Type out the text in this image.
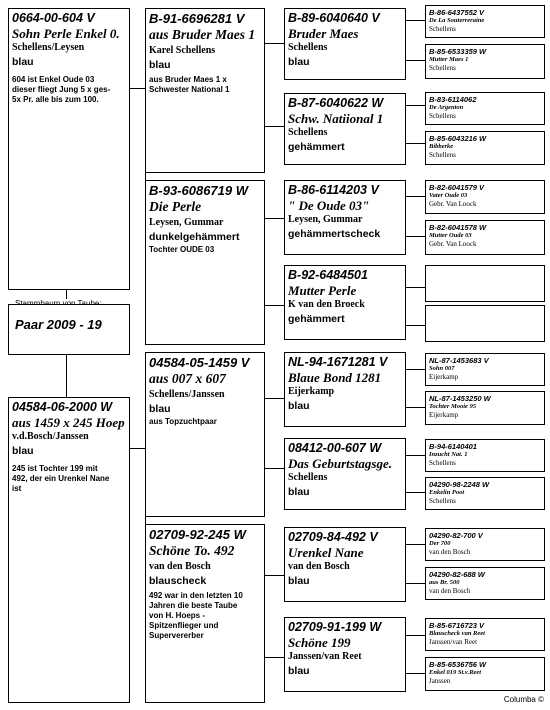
0664-00-604 V
Sohn Perle Enkel 0.
Schellens/Leysen
blau
604 ist Enkel Oude 03
dieser fliegt Jung 5 x ges-
5x Pr. alle bis zum 100.
Paar 2009 - 19
04584-06-2000 W
aus 1459 x 245 Hoep
v.d.Bosch/Janssen
blau
245 ist Tochter 199 mit
492, der ein Urenkel Nane
ist
B-91-6696281 V
aus Bruder Maes 1
Karel Schellens
blau
aus Bruder Maes 1 x
Schwester National 1
B-93-6086719 W
Die Perle
Leysen, Gummar
dunkelgehämmert
Tochter OUDE 03
04584-05-1459 V
aus 007 x 607
Schellens/Janssen
blau
aus Topzuchtpaar
02709-92-245 W
Schöne To. 492
van den Bosch
blauscheck
492 war in den letzten 10
Jahren die beste Taube
von H. Hoeps -
Spitzenflieger und
Supervererber
B-89-6040640 V
Bruder Maes
Schellens
blau
B-87-6040622 W
Schw. Natiional 1
Schellens
gehämmert
B-86-6114203 V
" De Oude 03"
Leysen, Gummar
gehämmertscheck
B-92-6484501
Mutter Perle
K van den Broeck
gehämmert
NL-94-1671281 V
Blaue Bond 1281
Eijerkamp
blau
08412-00-607 W
Das Geburtstagsge.
Schellens
blau
02709-84-492 V
Urenkel Nane
van den Bosch
blau
02709-91-199 W
Schöne 199
Janssen/van Reet
blau
B-86-6437552 V
De La Souterreraine
Schellens
B-85-6533359 W
Mutter Maes 1
Schellens
B-83-6114062
De Argenton
Schellens
B-85-6043216 W
Bibberke
Schellens
B-82-6041579 V
Vater Oude 03
Gebr. Van Loock
B-82-6041578 W
Mutter Oude 03
Gebr. Van Loock
NL-87-1453683 V
Sohn 007
Eijerkamp
NL-87-1453250 W
Tochter Mooie 95
Eijerkamp
B-94-6140401
Inzucht Nat. 1
Schellens
04290-98-2248 W
Enkelin Poot
Schellens
04290-82-700 V
Der 700
van den Bosch
04290-82-688 W
aus Br. 500
van den Bosch
B-85-6716723 V
Blauscheck van Reet
Janssen/van Reet
B-85-6536756 W
Enkel 019 St.v.Reet
Janssen
Columba ©
